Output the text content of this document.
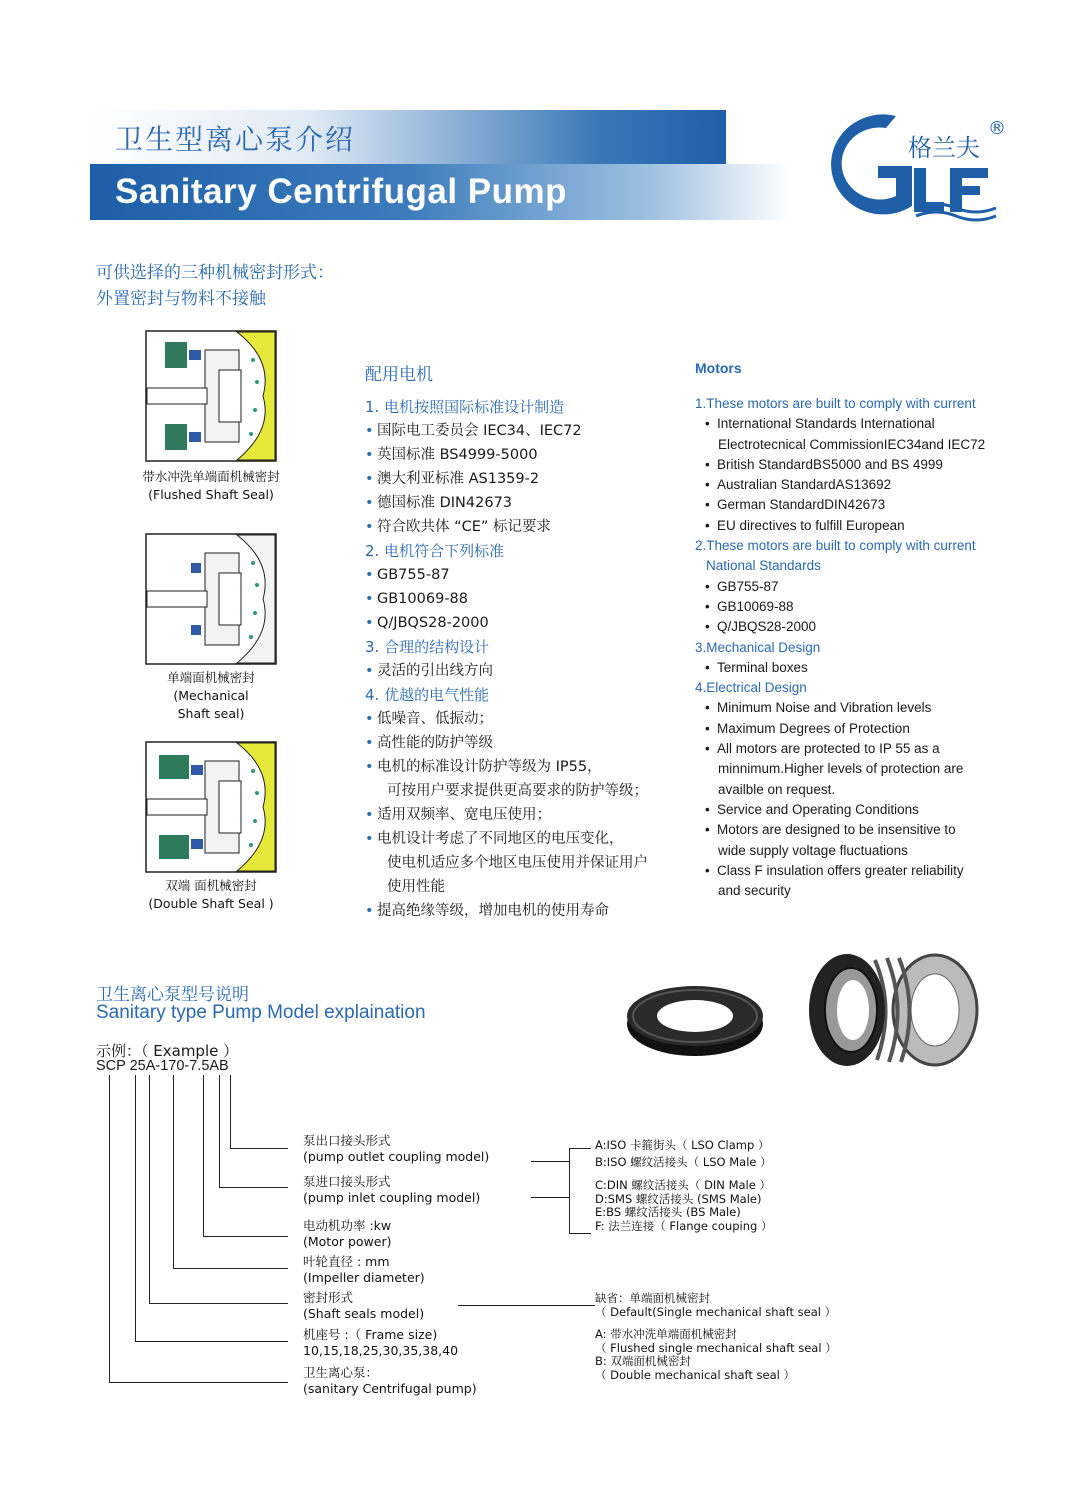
卫生型离心泵介绍
Sanitary Centrifugal Pump
格兰夫
®
可供选择的三种机械密封形式：
外置密封与物料不接触
带水冲洗单端面机械密封
(Flushed Shaft Seal)
单端面机械密封
(Mechanical
Shaft seal)
双端 面机械密封
(Double Shaft Seal )
配用电机
1. 电机按照国际标准设计制造
• 国际电工委员会 IEC34、IEC72
• 英国标准 BS4999-5000
• 澳大利亚标准 AS1359-2
• 德国标准 DIN42673
• 符合欧共体 “CE” 标记要求
2. 电机符合下列标准
• GB755-87
• GB10069-88
• Q/JBQS28-2000
3. 合理的结构设计
• 灵活的引出线方向
4. 优越的电气性能
• 低噪音、低振动；
• 高性能的防护等级
• 电机的标准设计防护等级为 IP55，
可按用户要求提供更高要求的防护等级；
• 适用双频率、宽电压使用；
• 电机设计考虑了不同地区的电压变化，
使电机适应多个地区电压使用并保证用户
使用性能
• 提高绝缘等级，增加电机的使用寿命
Motors
1.These motors are built to comply with current
• International Standards International
Electrotecnical CommissionIEC34and IEC72
• British StandardBS5000 and BS 4999
• Australian StandardAS13692
• German StandardDIN42673
• EU directives to fulfill European
2.These motors are built to comply with current
National Standards
• GB755-87
• GB10069-88
• Q/JBQS28-2000
3.Mechanical Design
• Terminal boxes
4.Electrical Design
• Minimum Noise and Vibration levels
• Maximum Degrees of Protection
• All motors are protected to IP 55 as a
minnimum.Higher levels of protection are
availble on request.
• Service and Operating Conditions
• Motors are designed to be insensitive to
wide supply voltage fluctuations
• Class F insulation offers greater reliability
and security
卫生离心泵型号说明
Sanitary type Pump Model explaination
示例：（ Example ）
SCP 25A-170-7.5AB
泵出口接头形式
(pump outlet coupling model)
泵进口接头形式
(pump inlet coupling model)
电动机功率 :kw
(Motor power)
叶轮直径 : mm
(Impeller diameter)
密封形式
(Shaft seals model)
机座号 :（ Frame size)
10,15,18,25,30,35,38,40
卫生离心泵：
(sanitary Centrifugal pump)
A:ISO 卡箍街头（ LSO Clamp ）
B:ISO 螺纹活接头（ LSO Male ）
C:DIN 螺纹活接头（ DIN Male ）
D:SMS 螺纹活接头 (SMS Male)
E:BS 螺纹活接头 (BS Male)
F: 法兰连接（ Flange couping ）
缺省：单端面机械密封
（ Default(Single mechanical shaft seal ）
A: 带水冲洗单端面机械密封
（ Flushed single mechanical shaft seal ）
B: 双端面机械密封
（ Double mechanical shaft seal ）
